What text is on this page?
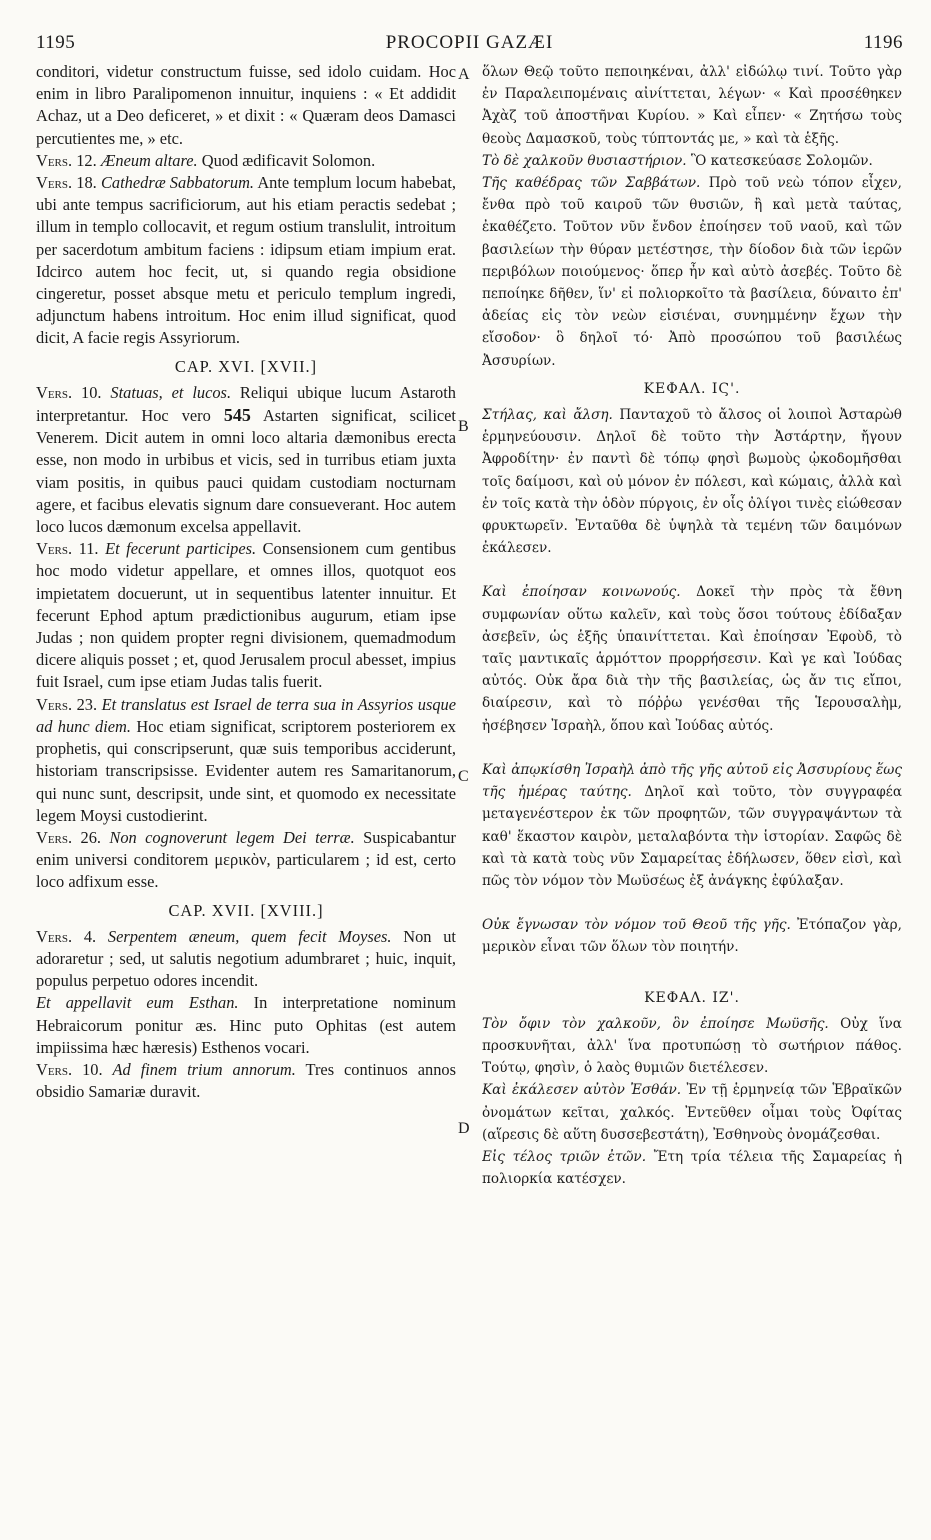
1195	PROCOPII GAZÆI	1196
A
B
C
D

conditori, videtur constructum fuisse, sed idolo cuidam. Hoc enim in libro Paralipomenon innuitur, inquiens : « Et addidit Achaz, ut a Deo deficeret, » et dixit : « Quæram deos Damasci percutientes me, » etc.

Vers. 12. Æneum altare. Quod ædificavit Solomon.

Vers. 18. Cathedræ Sabbatorum. Ante templum locum habebat, ubi ante tempus sacrificiorum, aut his etiam peractis sedebat ; illum in templo collocavit, et regum ostium translulit, introitum per sacerdotum ambitum faciens : idipsum etiam impium erat. Idcirco autem hoc fecit, ut, si quando regia obsidione cingeretur, posset absque metu et periculo templum ingredi, adjunctum habens introitum. Hoc enim illud significat, quod dicit, A facie regis Assyriorum.

CAP. XVI. [XVII.]

Vers. 10. Statuas, et lucos. Reliqui ubique lucum Astaroth interpretantur. Hoc vero 545 Astarten significat, scilicet Venerem. Dicit autem in omni loco altaria dæmonibus erecta esse, non modo in urbibus et vicis, sed in turribus etiam juxta viam positis, in quibus pauci quidam custodiam nocturnam agere, et facibus elevatis signum dare consueverant. Hoc autem loco lucos dæmonum excelsa appellavit.

Vers. 11. Et fecerunt participes. Consensionem cum gentibus hoc modo videtur appellare, et omnes illos, quotquot eos impietatem docuerunt, ut in sequentibus latenter innuitur. Et fecerunt Ephod aptum prædictionibus augurum, etiam ipse Judas ; non quidem propter regni divisionem, quemadmodum dicere aliquis posset ; et, quod Jerusalem procul abesset, impius fuit Israel, cum ipse etiam Judas talis fuerit.

Vers. 23. Et translatus est Israel de terra sua in Assyrios usque ad hunc diem. Hoc etiam significat, scriptorem posteriorem ex prophetis, qui conscripserunt, quæ suis temporibus acciderunt, historiam transcripsisse. Evidenter autem res Samaritanorum, qui nunc sunt, descripsit, unde sint, et quomodo ex necessitate legem Moysi custodierint.

Vers. 26. Non cognoverunt legem Dei terræ. Suspicabantur enim universi conditorem μερικὸν, particularem ; id est, certo loco adfixum esse.

CAP. XVII. [XVIII.]

Vers. 4. Serpentem æneum, quem fecit Moyses. Non ut adoraretur ; sed, ut salutis negotium adumbraret ; huic, inquit, populus perpetuo odores incendit.

Et appellavit eum Esthan. In interpretatione nominum Hebraicorum ponitur æs. Hinc puto Ophitas (est autem impiissima hæc hæresis) Esthenos vocari.

Vers. 10. Ad finem trium annorum. Tres continuos annos obsidio Samariæ duravit.

ὅλων Θεῷ τοῦτο πεποιηκέναι, ἀλλ' εἰδώλῳ τινί. Τοῦτο γὰρ ἐν Παραλειπομέναις αἰνίττεται, λέγων· « Καὶ προσέθηκεν Ἀχὰζ τοῦ ἀποστῆναι Κυρίου. » Καὶ εἶπεν· « Ζητήσω τοὺς θεοὺς Δαμασκοῦ, τοὺς τύπτοντάς με, » καὶ τὰ ἑξῆς.

Τὸ δὲ χαλκοῦν θυσιαστήριον. Ὃ κατεσκεύασε Σολομῶν.

Τῆς καθέδρας τῶν Σαββάτων. Πρὸ τοῦ νεὼ τόπον εἶχεν, ἔνθα πρὸ τοῦ καιροῦ τῶν θυσιῶν, ἢ καὶ μετὰ ταύτας, ἐκαθέζετο. Τοῦτον νῦν ἔνδον ἐποίησεν τοῦ ναοῦ, καὶ τῶν βασιλείων τὴν θύραν μετέστησε, τὴν δίοδον διὰ τῶν ἱερῶν περιβόλων ποιούμενος· ὅπερ ἦν καὶ αὐτὸ ἀσεβές. Τοῦτο δὲ πεποίηκε δῆθεν, ἵν' εἰ πολιορκοῖτο τὰ βασίλεια, δύναιτο ἐπ' ἀδείας εἰς τὸν νεὼν εἰσιέναι, συνημμένην ἔχων τὴν εἴσοδον· ὃ δηλοῖ τό· Ἀπὸ προσώπου τοῦ βασιλέως Ἀσσυρίων.

ΚΕΦΑΛ. ΙϚ'.

Στήλας, καὶ ἄλση. Πανταχοῦ τὸ ἄλσος οἱ λοιποὶ Ἀσταρὼθ ἑρμηνεύουσιν. Δηλοῖ δὲ τοῦτο τὴν Ἀστάρτην, ἤγουν Ἀφροδίτην· ἐν παντὶ δὲ τόπῳ φησὶ βωμοὺς ᾠκοδομῆσθαι τοῖς δαίμοσι, καὶ οὐ μόνον ἐν πόλεσι, καὶ κώμαις, ἀλλὰ καὶ ἐν τοῖς κατὰ τὴν ὁδὸν πύργοις, ἐν οἷς ὀλίγοι τινὲς εἰώθεσαν φρυκτωρεῖν. Ἐνταῦθα δὲ ὑψηλὰ τὰ τεμένη τῶν δαιμόνων ἐκάλεσεν.

Καὶ ἐποίησαν κοινωνούς. Δοκεῖ τὴν πρὸς τὰ ἔθνη συμφωνίαν οὕτω καλεῖν, καὶ τοὺς ὅσοι τούτους ἐδίδαξαν ἀσεβεῖν, ὡς ἑξῆς ὑπαινίττεται. Καὶ ἐποίησαν Ἐφοὺδ, τὸ ταῖς μαντικαῖς ἁρμόττον προρρήσεσιν. Καὶ γε καὶ Ἰούδας αὐτός. Οὐκ ἄρα διὰ τὴν τῆς βασιλείας, ὡς ἄν τις εἴποι, διαίρεσιν, καὶ τὸ πόῤῥω γενέσθαι τῆς Ἱερουσαλὴμ, ἠσέβησεν Ἰσραὴλ, ὅπου καὶ Ἰούδας αὐτός.

Καὶ ἀπῳκίσθη Ἰσραὴλ ἀπὸ τῆς γῆς αὐτοῦ εἰς Ἀσσυρίους ἕως τῆς ἡμέρας ταύτης. Δηλοῖ καὶ τοῦτο, τὸν συγγραφέα μεταγενέστερον ἐκ τῶν προφητῶν, τῶν συγγραψάντων τὰ καθ' ἕκαστον καιρὸν, μεταλαβόντα τὴν ἱστορίαν. Σαφῶς δὲ καὶ τὰ κατὰ τοὺς νῦν Σαμαρείτας ἐδήλωσεν, ὅθεν εἰσὶ, καὶ πῶς τὸν νόμον τὸν Μωϋσέως ἐξ ἀνάγκης ἐφύλαξαν.

Οὐκ ἔγνωσαν τὸν νόμον τοῦ Θεοῦ τῆς γῆς. Ἐτόπαζον γὰρ, μερικὸν εἶναι τῶν ὅλων τὸν ποιητήν.

ΚΕΦΑΛ. ΙΖ'.

Τὸν ὄφιν τὸν χαλκοῦν, ὃν ἐποίησε Μωϋσῆς. Οὐχ ἵνα προσκυνῆται, ἀλλ' ἵνα προτυπώσῃ τὸ σωτήριον πάθος. Τούτῳ, φησὶν, ὁ λαὸς θυμιῶν διετέλεσεν.

Καὶ ἐκάλεσεν αὐτὸν Ἐσθάν. Ἐν τῇ ἑρμηνείᾳ τῶν Ἑβραϊκῶν ὀνομάτων κεῖται, χαλκός. Ἐντεῦθεν οἶμαι τοὺς Ὀφίτας (αἵρεσις δὲ αὕτη δυσσεβεστάτη), Ἐσθηνοὺς ὀνομάζεσθαι.

Εἰς τέλος τριῶν ἐτῶν. Ἔτη τρία τέλεια τῆς Σαμαρείας ἡ πολιορκία κατέσχεν.
